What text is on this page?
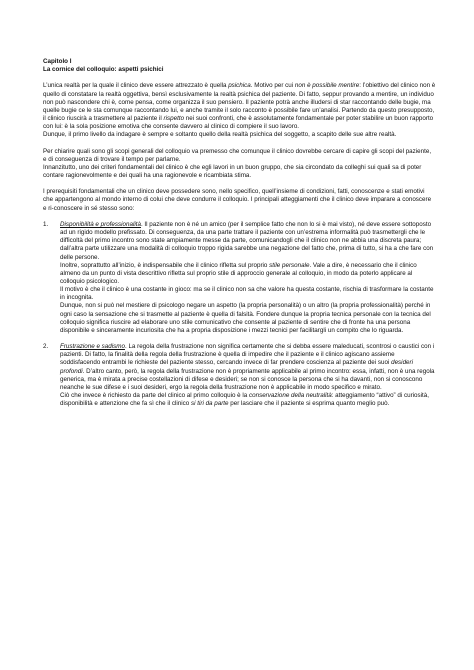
Capitolo I
La cornice del colloquio: aspetti psichici

L’unica realtà per la quale il clinico deve essere attrezzato è quella psichica. Motivo per cui non è possibile mentire: l’obiettivo del clinico non è quello di constatare la realtà oggettiva, bensì esclusivamente la realtà psichica del paziente. Di fatto, seppur provando a mentire, un individuo non può nascondere chi è, come pensa, come organizza il suo pensiero. Il paziente potrà anche illudersi di star raccontando delle bugie, ma quelle bugie ce le sta comunque raccontando lui, e anche tramite il solo racconto è possibile fare un’analisi. Partendo da questo presupposto, il clinico riuscirà a trasmettere al paziente il rispetto nei suoi confronti, che è assolutamente fondamentale per poter stabilire un buon rapporto con lui: è la sola posizione emotiva che consente davvero al clinico di compiere il suo lavoro.
Dunque, il primo livello da indagare è sempre e soltanto quello della realtà psichica del soggetto, a scapito delle sue altre realtà.

Per chiarire quali sono gli scopi generali del colloquio va premesso che comunque il clinico dovrebbe cercare di capire gli scopi del paziente, e di conseguenza di trovare il tempo per parlarne.
Innanzitutto, uno dei criteri fondamentali del clinico è che egli lavori in un buon gruppo, che sia circondato da colleghi sui quali sa di poter contare ragionevolmente e dei quali ha una ragionevole e ricambiata stima.

I prerequisiti fondamentali che un clinico deve possedere sono, nello specifico, quell’insieme di condizioni, fatti, conoscenze e stati emotivi che appartengono al mondo interno di colui che deve condurre il colloquio. I principali atteggiamenti che il clinico deve imparare a conoscere e ri-conoscere in sé stesso sono:

1. Disponibilità e professionalità. Il paziente non è né un amico (per il semplice fatto che non lo si è mai visto), né deve essere sottoposto ad un rigido modello prefissato. Di conseguenza, da una parte trattare il paziente con un’estrema informalità può trasmettergli che le difficoltà del primo incontro sono state ampiamente messe da parte, comunicandogli che il clinico non ne abbia una discreta paura; dall’altra parte utilizzare una modalità di colloquio troppo rigida sarebbe una negazione del fatto che, prima di tutto, si ha a che fare con delle persone.
Inoltre, soprattutto all’inizio, è indispensabile che il clinico rifletta sul proprio stile personale. Vale a dire, è necessario che il clinico almeno da un punto di vista descrittivo rifletta sul proprio stile di approccio generale al colloquio, in modo da poterlo applicare al colloquio psicologico.
Il motivo è che il clinico è una costante in gioco: ma se il clinico non sa che valore ha questa costante, rischia di trasformare la costante in incognita.
Dunque, non si può nel mestiere di psicologo negare un aspetto (la propria personalità) o un altro (la propria professionalità) perché in ogni caso la sensazione che si trasmette al paziente è quella di falsità. Fondere dunque la propria tecnica personale con la tecnica del colloquio significa riuscire ad elaborare uno stile comunicativo che consente al paziente di sentire che di fronte ha una persona disponibile e sinceramente incuriosita che ha a propria disposizione i mezzi tecnici per facilitargli un compito che lo riguarda.
2. Frustrazione e sadismo. La regola della frustrazione non significa certamente che si debba essere maleducati, scontrosi o caustici con i pazienti. Di fatto, la finalità della regola della frustrazione è quella di impedire che il paziente e il clinico agiscano assieme soddisfacendo entrambi le richieste del paziente stesso, cercando invece di far prendere coscienza al paziente dei suoi desideri profondi. D’altro canto, però, la regola della frustrazione non è propriamente applicabile al primo incontro: essa, infatti, non è una regola generica, ma è mirata a precise costellazioni di difese e desideri; se non si conosce la persona che si ha davanti, non si conoscono neanche le sue difese e i suoi desideri, ergo la regola della frustrazione non è applicabile in modo specifico e mirato.
Ciò che invece è richiesto da parte del clinico al primo colloquio è la conservazione della neutralità: atteggiamento “attivo” di curiosità, disponibilità e attenzione che fa sì che il clinico si tiri da parte per lasciare che il paziente si esprima quanto meglio può.
